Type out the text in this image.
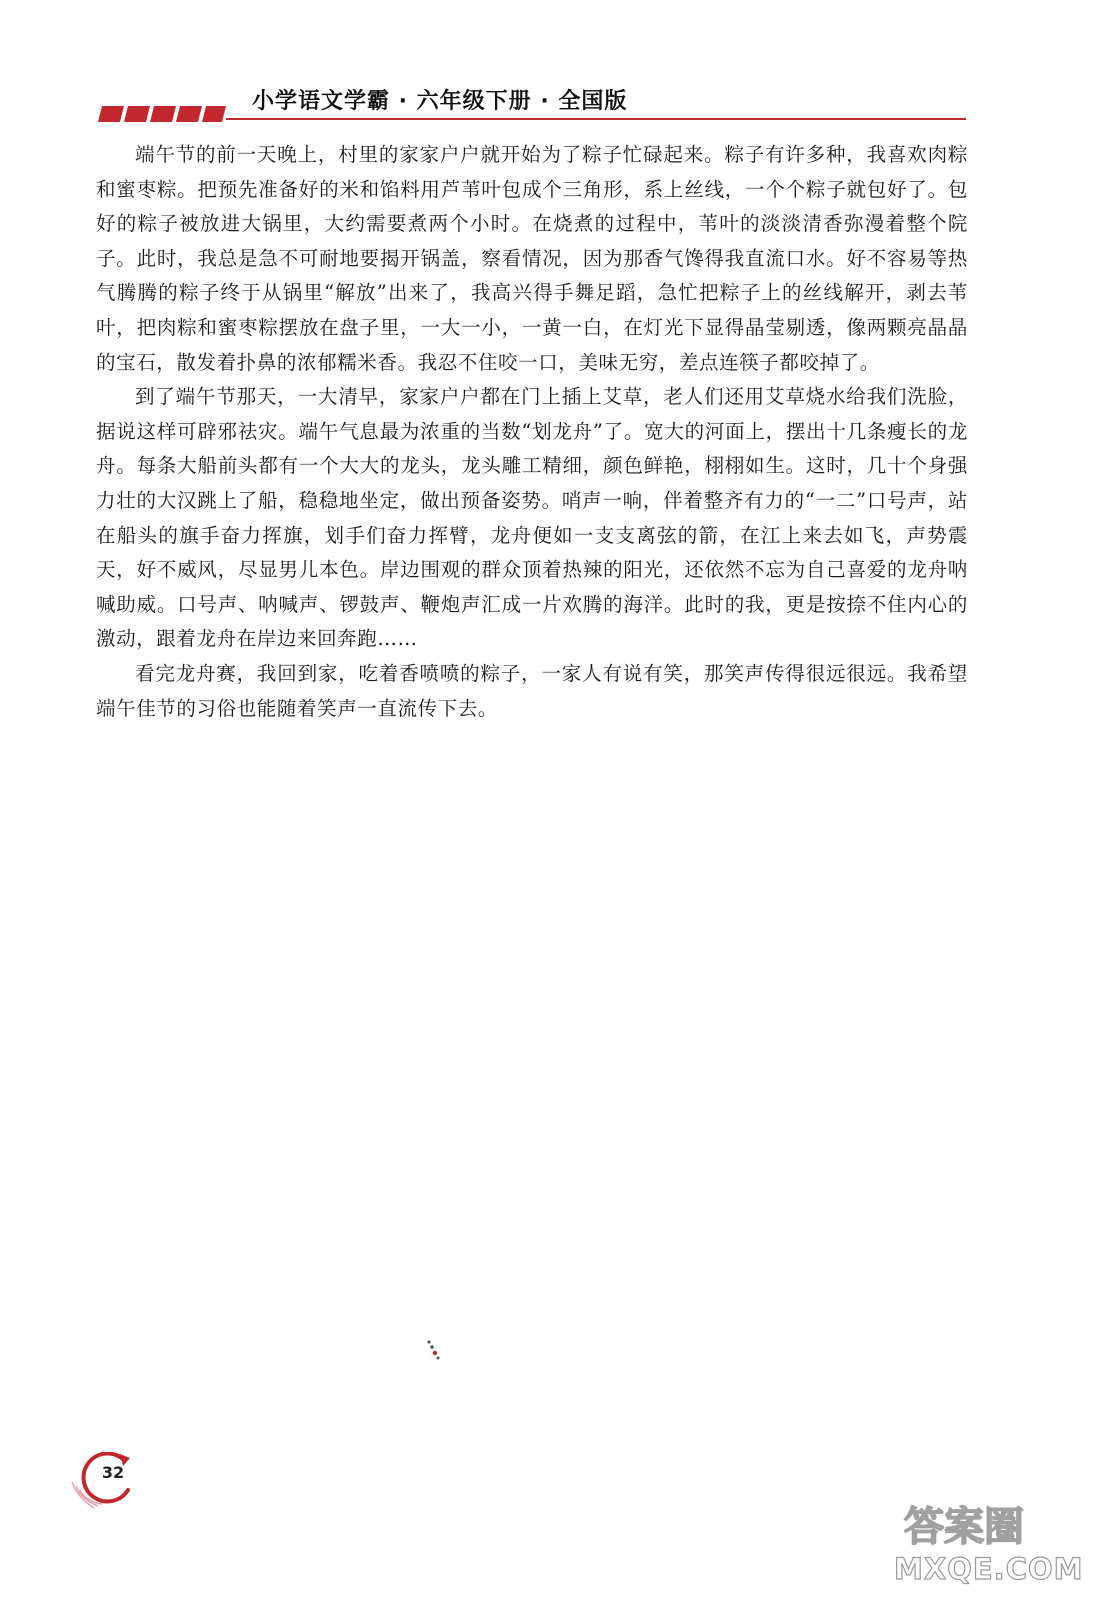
小学语文学霸 · 六年级下册 · 全国版

端午节的前一天晚上，村里的家家户户就开始为了粽子忙碌起来。粽子有许多种，我喜欢肉粽和蜜枣粽。把预先准备好的米和馅料用芦苇叶包成个三角形，系上丝线，一个个粽子就包好了。包好的粽子被放进大锅里，大约需要煮两个小时。在烧煮的过程中，苇叶的淡淡清香弥漫着整个院子。此时，我总是急不可耐地要揭开锅盖，察看情况，因为那香气馋得我直流口水。好不容易等热气腾腾的粽子终于从锅里“解放”出来了，我高兴得手舞足蹈，急忙把粽子上的丝线解开，剥去苇叶，把肉粽和蜜枣粽摆放在盘子里，一大一小，一黄一白，在灯光下显得晶莹剔透，像两颗亮晶晶的宝石，散发着扑鼻的浓郁糯米香。我忍不住咬一口，美味无穷，差点连筷子都咬掉了。

到了端午节那天，一大清早，家家户户都在门上插上艾草，老人们还用艾草烧水给我们洗脸，据说这样可辟邪祛灾。端午气息最为浓重的当数“划龙舟”了。宽大的河面上，摆出十几条瘦长的龙舟。每条大船前头都有一个大大的龙头，龙头雕工精细，颜色鲜艳，栩栩如生。这时，几十个身强力壮的大汉跳上了船，稳稳地坐定，做出预备姿势。哨声一响，伴着整齐有力的“一二”口号声，站在船头的旗手奋力挥旗，划手们奋力挥臂，龙舟便如一支支离弦的箭，在江上来去如飞，声势震天，好不威风，尽显男儿本色。岸边围观的群众顶着热辣的阳光，还依然不忘为自己喜爱的龙舟呐喊助威。口号声、呐喊声、锣鼓声、鞭炮声汇成一片欢腾的海洋。此时的我，更是按捺不住内心的激动，跟着龙舟在岸边来回奔跑……

看完龙舟赛，我回到家，吃着香喷喷的粽子，一家人有说有笑，那笑声传得很远很远。我希望端午佳节的习俗也能随着笑声一直流传下去。

32
答案圈
MXQE.COM
